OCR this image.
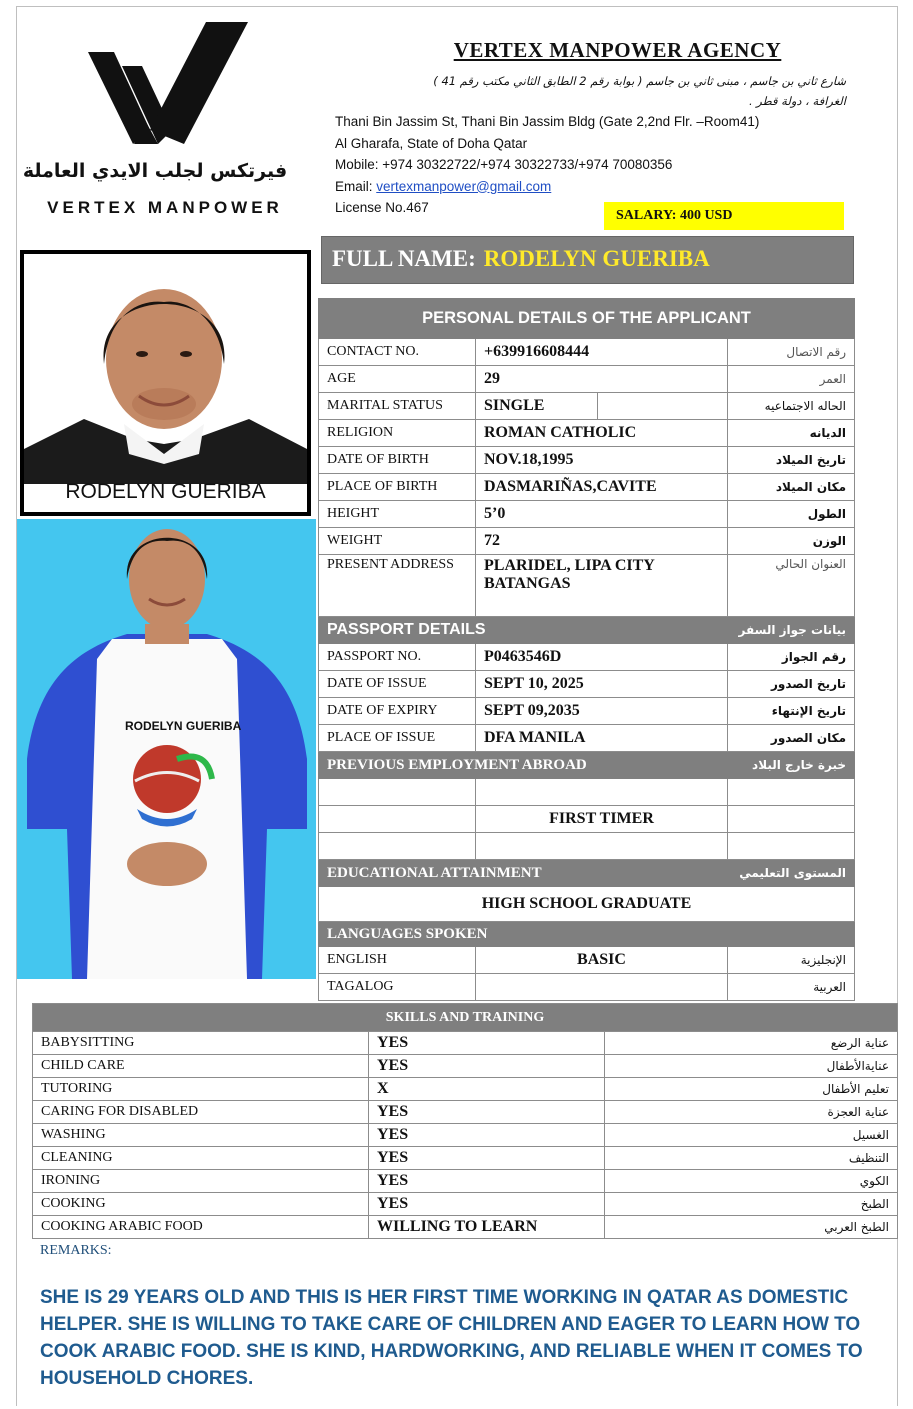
فيرتكس لجلب الايدي العاملة
VERTEX MANPOWER
VERTEX MANPOWER AGENCY
شارع ثاني بن جاسم ، مبنى ثاني بن جاسم ( بوابة رقم 2 الطابق الثاني مكتب رقم 41 )
الغرافة ، دولة قطر .
Thani Bin Jassim St, Thani Bin Jassim Bldg (Gate 2,2nd Flr. –Room41)
Al Gharafa, State of Doha Qatar
Mobile: +974 30322722/+974 30322733/+974 70080356
Email: vertexmanpower@gmail.com
License No.467
SALARY: 400 USD
FULL NAME: RODELYN GUERIBA
RODELYN GUERIBA
RODELYN GUERIBA
PERSONAL DETAILS OF THE APPLICANT			
CONTACT NO.	+639916608444		رقم الاتصال
AGE	29		العمر
MARITAL STATUS	SINGLE		الحاله الاجتماعيه
RELIGION	ROMAN CATHOLIC		الديانه
DATE OF BIRTH	NOV.18,1995		تاريخ الميلاد
PLACE OF BIRTH	DASMARIÑAS,CAVITE		مكان الميلاد
HEIGHT	5’0		الطول
WEIGHT	72		الوزن
PRESENT ADDRESS	PLARIDEL, LIPA CITY
BATANGAS		العنوان الحالي
PASSPORT DETAILS			بيانات جواز السفر
PASSPORT NO.	P0463546D		رقم الجواز
DATE OF ISSUE	SEPT 10, 2025		تاريخ الصدور
DATE OF EXPIRY	SEPT 09,2035		تاريخ الإنتهاء
PLACE OF ISSUE	DFA MANILA		مكان الصدور
PREVIOUS EMPLOYMENT ABROAD			خبرة خارج البلاد

	FIRST TIMER		

EDUCATIONAL ATTAINMENT			المستوى التعليمي
HIGH SCHOOL GRADUATE			
LANGUAGES SPOKEN			
ENGLISH	BASIC		الإنجليزية
TAGALOG			العربية
SKILLS AND TRAINING		
BABYSITTING	YES	عناية الرضع
CHILD CARE	YES	عنايةالأطفال
TUTORING	X	تعليم الأطفال
CARING FOR DISABLED	YES	عناية العجزة
WASHING	YES	الغسيل
CLEANING	YES	التنظيف
IRONING	YES	الكوي
COOKING	YES	الطبخ
COOKING ARABIC FOOD	WILLING TO LEARN	الطبخ العربي
REMARKS:
SHE IS 29 YEARS OLD AND THIS IS HER FIRST TIME WORKING IN QATAR AS DOMESTIC HELPER. SHE IS WILLING TO TAKE CARE OF CHILDREN AND EAGER TO LEARN HOW TO COOK ARABIC FOOD. SHE IS KIND, HARDWORKING, AND RELIABLE WHEN IT COMES TO HOUSEHOLD CHORES.
